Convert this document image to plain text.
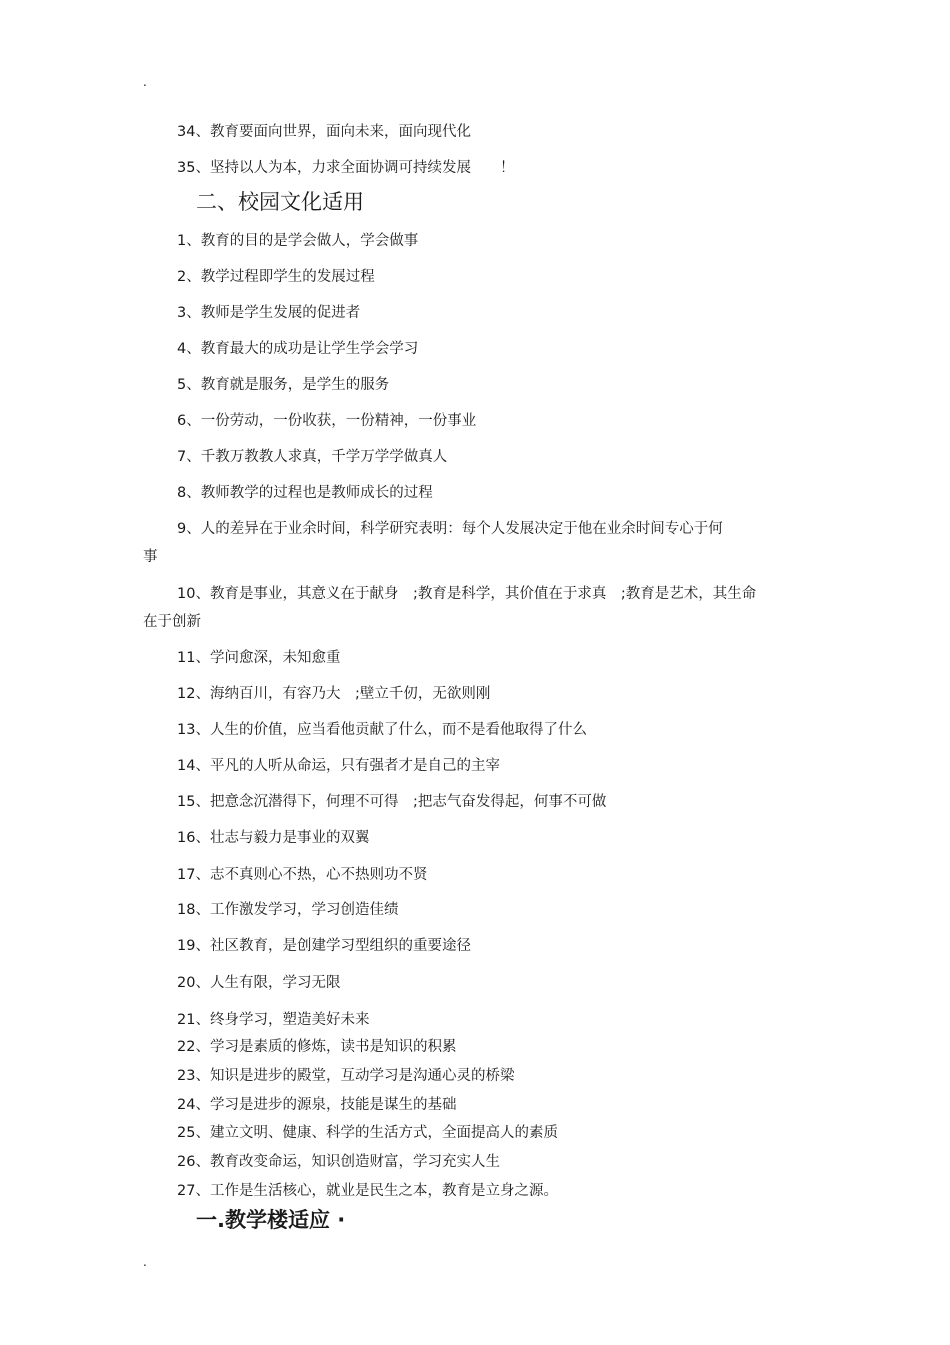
.
34、教育要面向世界，面向未来，面向现代化
35、坚持以人为本，力求全面协调可持续发展　　！
二、校园文化适用
1、教育的目的是学会做人，学会做事
2、教学过程即学生的发展过程
3、教师是学生发展的促进者
4、教育最大的成功是让学生学会学习
5、教育就是服务，是学生的服务
6、一份劳动，一份收获，一份精神，一份事业
7、千教万教教人求真，千学万学学做真人
8、教师教学的过程也是教师成长的过程
9、人的差异在于业余时间，科学研究表明：每个人发展决定于他在业余时间专心于何
事
10、教育是事业，其意义在于献身　;教育是科学，其价值在于求真　;教育是艺术，其生命
在于创新
11、学问愈深，未知愈重
12、海纳百川，有容乃大　;壁立千仞，无欲则刚
13、人生的价值，应当看他贡献了什么，而不是看他取得了什么
14、平凡的人听从命运，只有强者才是自己的主宰
15、把意念沉潜得下，何理不可得　;把志气奋发得起，何事不可做
16、壮志与毅力是事业的双翼
17、志不真则心不热，心不热则功不贤
18、工作激发学习，学习创造佳绩
19、社区教育，是创建学习型组织的重要途径
20、人生有限，学习无限
21、终身学习，塑造美好未来
22、学习是素质的修炼，读书是知识的积累
23、知识是进步的殿堂，互动学习是沟通心灵的桥梁
24、学习是进步的源泉，技能是谋生的基础
25、建立文明、健康、科学的生活方式，全面提高人的素质
26、教育改变命运，知识创造财富，学习充实人生
27、工作是生活核心，就业是民生之本，教育是立身之源。
一.教学楼适应 ·
.
